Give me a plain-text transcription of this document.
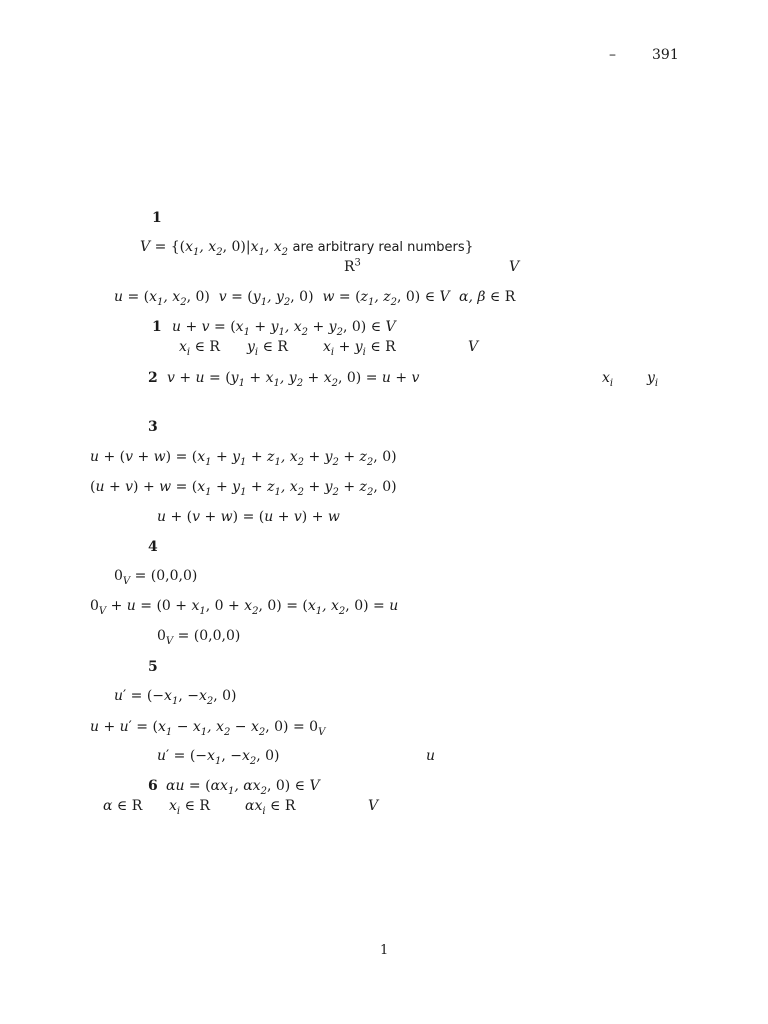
–	391
1
$V = \{(x_1$, $x_2$, $0)|x_1$, $x_2$ are arbitrary real numbers}
$R^3$	V
$u = (x_1$, $x_2$, 0)  $v = (y_1$, $y_2$, 0)  $w = (z_1$, $z_2$, 0) ∈ V α, β ∈ R
1 $u + v = (x_1 + y_1$, $x_2 + y_2$, 0) ∈ V
$x_i$ ∈ R $y_i$ ∈ R	$x_i + y_i$ ∈ R	V
2 $v + u = (y_1 + x_1$, $y_2 + x_2$, 0) = u + v	$x_i$ $y_i$
3
$u + (v + w) = (x_1 + y_1 + z_1$, $x_2 + y_2 + z_2$, 0)
$(u + v) + w = (x_1 + y_1 + z_1$, $x_2 + y_2 + z_2$, 0)
u + (v + w) = (u + v) + w
4
$0_V = (0,0,0)$
$0_V + u = (0 + x_1$, $0 + x_2$, $0) = (x_1$, $x_2$, 0) = u
$0_V = (0,0,0)$
5
$u' = (-x_1$, $-x_2$, 0)
$u + u' = (x_1 - x_1$, $x_2 - x_2$, $0) = 0_V$
$u' = (-x_1$, $-x_2$, 0)	u
6 $\alpha u = (\alpha x_1$, $\alpha x_2$, 0) ∈ V
α ∈ R $x_i$ ∈ R	$\alpha x_i$ ∈ R	V
1
